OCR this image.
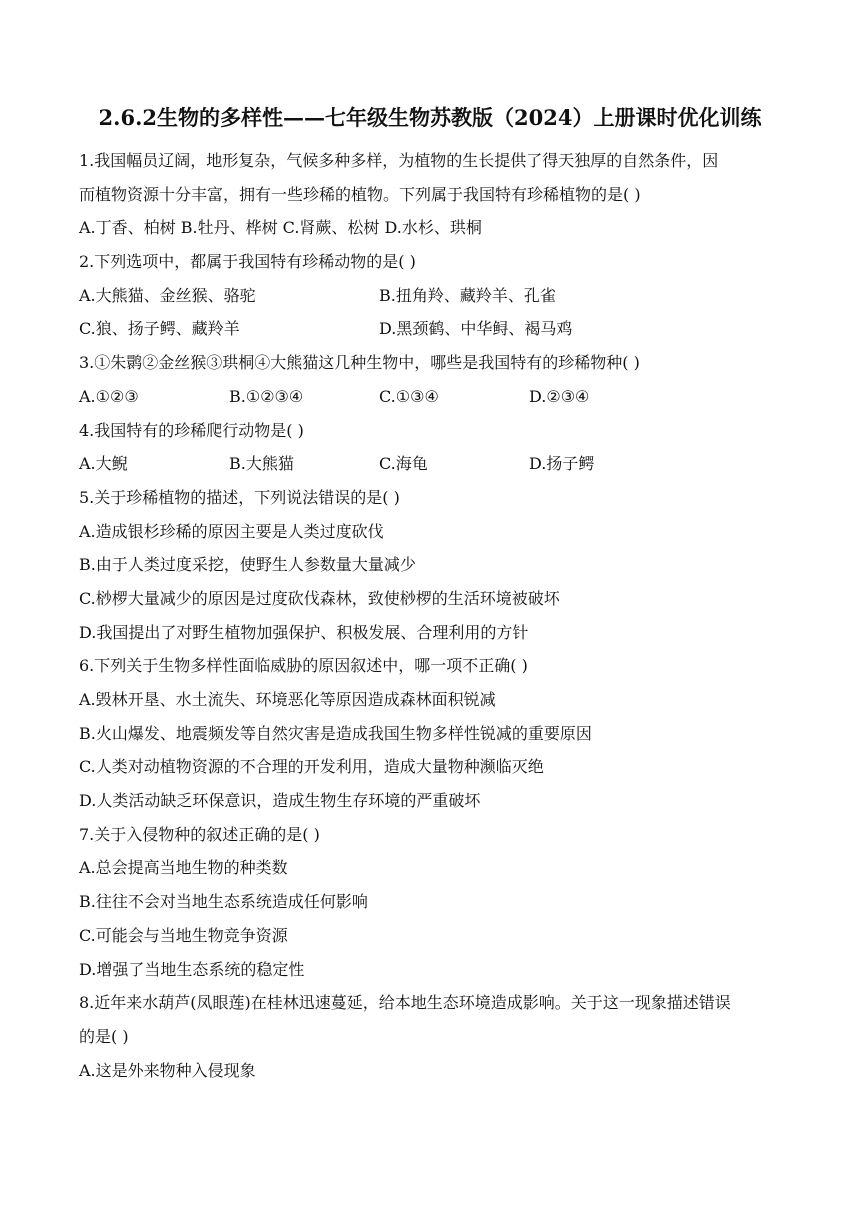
2.6.2生物的多样性——七年级生物苏教版（2024）上册课时优化训练
1.我国幅员辽阔，地形复杂，气候多种多样，为植物的生长提供了得天独厚的自然条件，因
而植物资源十分丰富，拥有一些珍稀的植物。下列属于我国特有珍稀植物的是( )
A.丁香、柏树 B.牡丹、桦树 C.肾蕨、松树 D.水杉、珙桐
2.下列选项中，都属于我国特有珍稀动物的是( )
A.大熊猫、金丝猴、骆驼	B.扭角羚、藏羚羊、孔雀
C.狼、扬子鳄、藏羚羊	D.黑颈鹤、中华鲟、褐马鸡
3.①朱鹮②金丝猴③珙桐④大熊猫这几种生物中，哪些是我国特有的珍稀物种( )
A.①②③	B.①②③④	C.①③④	D.②③④
4.我国特有的珍稀爬行动物是( )
A.大鲵	B.大熊猫	C.海龟	D.扬子鳄
5.关于珍稀植物的描述，下列说法错误的是( )
A.造成银杉珍稀的原因主要是人类过度砍伐
B.由于人类过度采挖，使野生人参数量大量减少
C.桫椤大量减少的原因是过度砍伐森林，致使桫椤的生活环境被破坏
D.我国提出了对野生植物加强保护、积极发展、合理利用的方针
6.下列关于生物多样性面临威胁的原因叙述中，哪一项不正确( )
A.毁林开垦、水土流失、环境恶化等原因造成森林面积锐减
B.火山爆发、地震频发等自然灾害是造成我国生物多样性锐减的重要原因
C.人类对动植物资源的不合理的开发利用，造成大量物种濒临灭绝
D.人类活动缺乏环保意识，造成生物生存环境的严重破坏
7.关于入侵物种的叙述正确的是( )
A.总会提高当地生物的种类数
B.往往不会对当地生态系统造成任何影响
C.可能会与当地生物竞争资源
D.增强了当地生态系统的稳定性
8.近年来水葫芦(凤眼莲)在桂林迅速蔓延，给本地生态环境造成影响。关于这一现象描述错误
的是( )
A.这是外来物种入侵现象
